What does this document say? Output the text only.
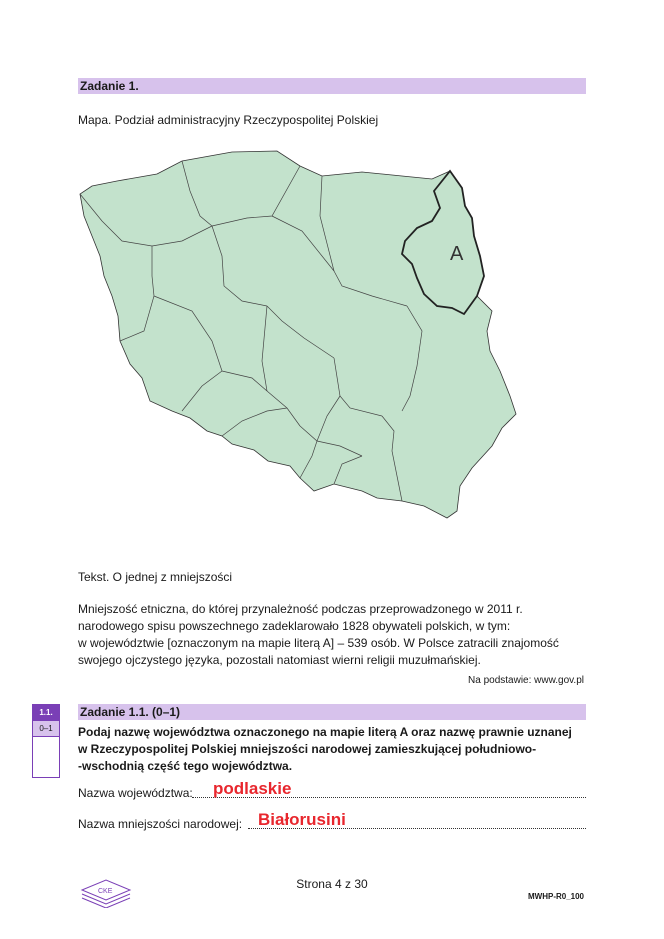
Zadanie 1.
Mapa. Podział administracyjny Rzeczypospolitej Polskiej
A
Tekst. O jednej z mniejszości
Mniejszość etniczna, do której przynależność podczas przeprowadzonego w 2011 r.
narodowego spisu powszechnego zadeklarowało 1828 obywateli polskich, w tym:
w województwie [oznaczonym na mapie literą A] – 539 osób. W Polsce zatracili znajomość
swojego ojczystego języka, pozostali natomiast wierni religii muzułmańskiej.
Na podstawie: www.gov.pl
1.1.
0–1
Zadanie 1.1. (0–1)
Podaj nazwę województwa oznaczonego na mapie literą A oraz nazwę prawnie uznanej
w Rzeczypospolitej Polskiej mniejszości narodowej zamieszkującej południowo-
-wschodnią część tego województwa.
Nazwa województwa: podlaskie
Nazwa mniejszości narodowej: Białorusini
CKE
Strona 4 z 30
MWHP-R0_100
